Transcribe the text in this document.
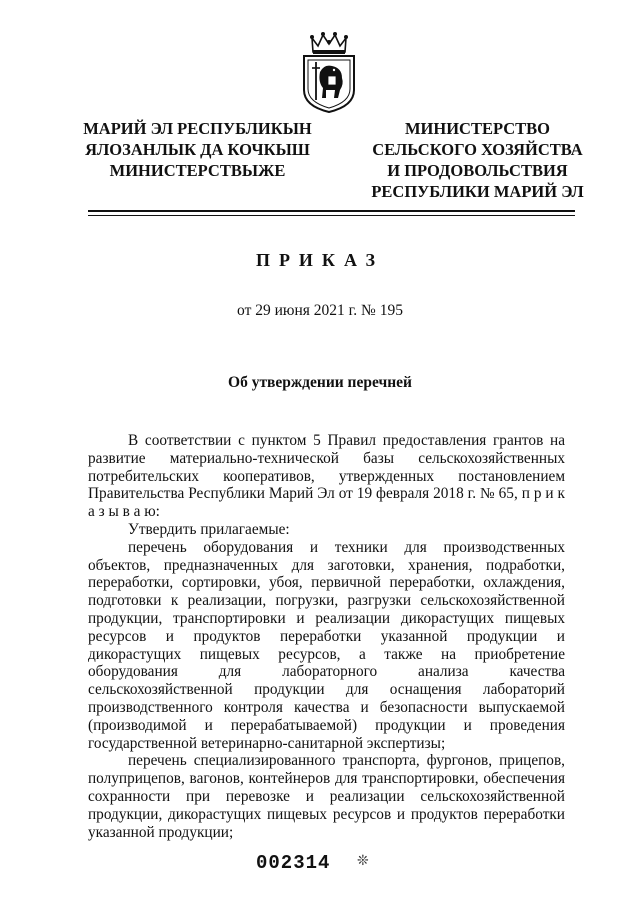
МАРИЙ ЭЛ РЕСПУБЛИКЫН
ЯЛОЗАНЛЫК ДА КОЧКЫШ
МИНИСТЕРСТВЫЖЕ
МИНИСТЕРСТВО
СЕЛЬСКОГО ХОЗЯЙСТВА
И ПРОДОВОЛЬСТВИЯ
РЕСПУБЛИКИ МАРИЙ ЭЛ
ПРИКАЗ
от 29 июня 2021 г. № 195
Об утверждении перечней

В соответствии с пунктом 5 Правил предоставления грантов на развитие материально-технической базы сельскохозяйственных потребительских кооперативов, утвержденных постановлением Правительства Республики Марий Эл от 19 февраля 2018 г. № 65, п р и к а з ы в а ю:

Утвердить прилагаемые:

перечень оборудования и техники для производственных объектов, предназначенных для заготовки, хранения, подработки, переработки, сортировки, убоя, первичной переработки, охлаждения, подготовки к реализации, погрузки, разгрузки сельскохозяйственной продукции, транспортировки и реализации дикорастущих пищевых ресурсов и продуктов переработки указанной продукции и дикорастущих пищевых ресурсов, а также на приобретение оборудования для лабораторного анализа качества сельскохозяйственной продукции для оснащения лабораторий производственного контроля качества и безопасности выпускаемой (производимой и перерабатываемой) продукции и проведения государственной ветеринарно-санитарной экспертизы;

перечень специализированного транспорта, фургонов, прицепов, полуприцепов, вагонов, контейнеров для транспортировки, обеспечения сохранности при перевозке и реализации сельскохозяйственной продукции, дикорастущих пищевых ресурсов и продуктов переработки указанной продукции;

002314 ❊
